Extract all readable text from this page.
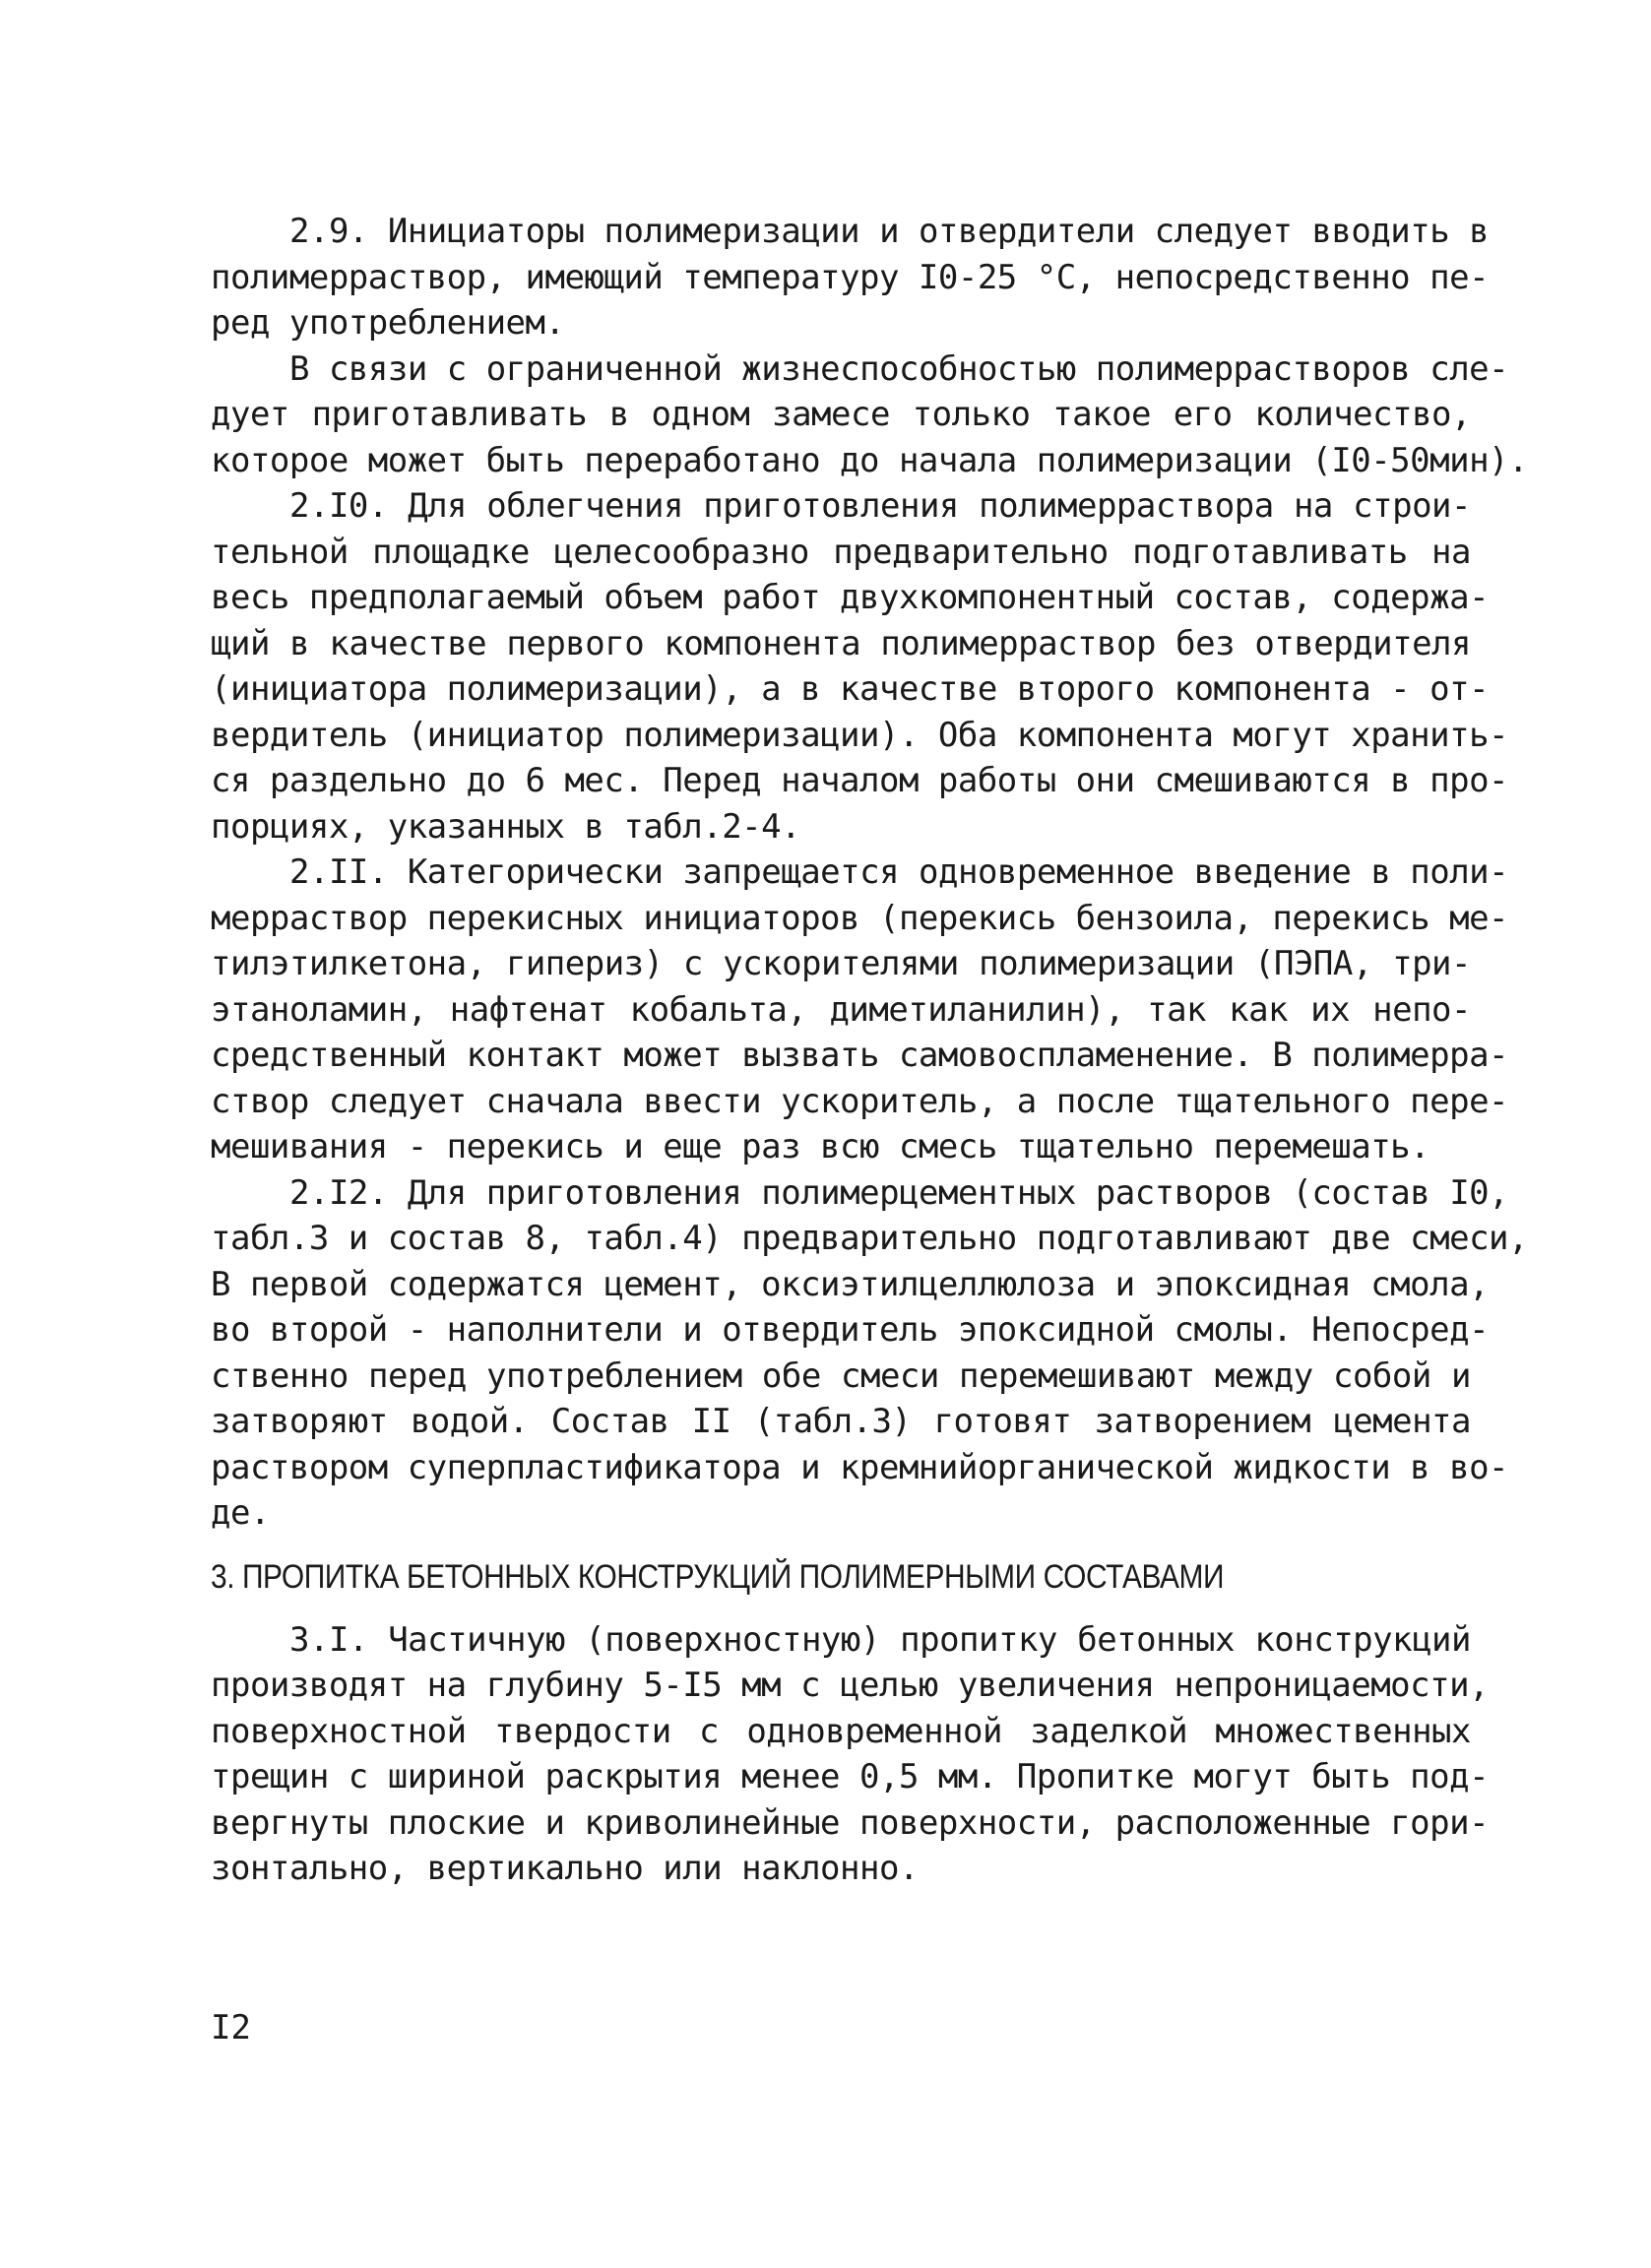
2.9. Инициаторы полимеризации и отвердители следует вводить в
полимерраствор, имеющий температуру I0-25 °С, непосредственно пе-
ред употреблением.
В связи с ограниченной жизнеспособностью полимеррастворов сле-
дует приготавливать в одном замесе только такое его количество,
которое может быть переработано до начала полимеризации (I0-50мин).
2.I0. Для облегчения приготовления полимерраствора на строи-
тельной площадке целесообразно предварительно подготавливать на
весь предполагаемый объем работ двухкомпонентный состав, содержа-
щий в качестве первого компонента полимерраствор без отвердителя
(инициатора полимеризации), а в качестве второго компонента - от-
вердитель (инициатор полимеризации). Оба компонента могут хранить-
ся раздельно до 6 мес. Перед началом работы они смешиваются в про-
порциях, указанных в табл.2-4.
2.II. Категорически запрещается одновременное введение в поли-
мерраствор перекисных инициаторов (перекись бензоила, перекись ме-
тилэтилкетона, гипериз) с ускорителями полимеризации (ПЭПА, три-
этаноламин, нафтенат кобальта, диметиланилин), так как их непо-
средственный контакт может вызвать самовоспламенение. В полимерра-
створ следует сначала ввести ускоритель, а после тщательного пере-
мешивания - перекись и еще раз всю смесь тщательно перемешать.
2.I2. Для приготовления полимерцементных растворов (состав I0,
табл.3 и состав 8, табл.4) предварительно подготавливают две смеси,
В первой содержатся цемент, оксиэтилцеллюлоза и эпоксидная смола,
во второй - наполнители и отвердитель эпоксидной смолы. Непосред-
ственно перед употреблением обе смеси перемешивают между собой и
затворяют водой. Состав II (табл.3) готовят затворением цемента
раствором суперпластификатора и кремнийорганической жидкости в во-
де.
3. ПРОПИТКА БЕТОННЫХ КОНСТРУКЦИЙ ПОЛИМЕРНЫМИ СОСТАВАМИ
3.I. Частичную (поверхностную) пропитку бетонных конструкций
производят на глубину 5-I5 мм с целью увеличения непроницаемости,
поверхностной твердости с одновременной заделкой множественных
трещин с шириной раскрытия менее 0,5 мм. Пропитке могут быть под-
вергнуты плоские и криволинейные поверхности, расположенные гори-
зонтально, вертикально или наклонно.
I2
